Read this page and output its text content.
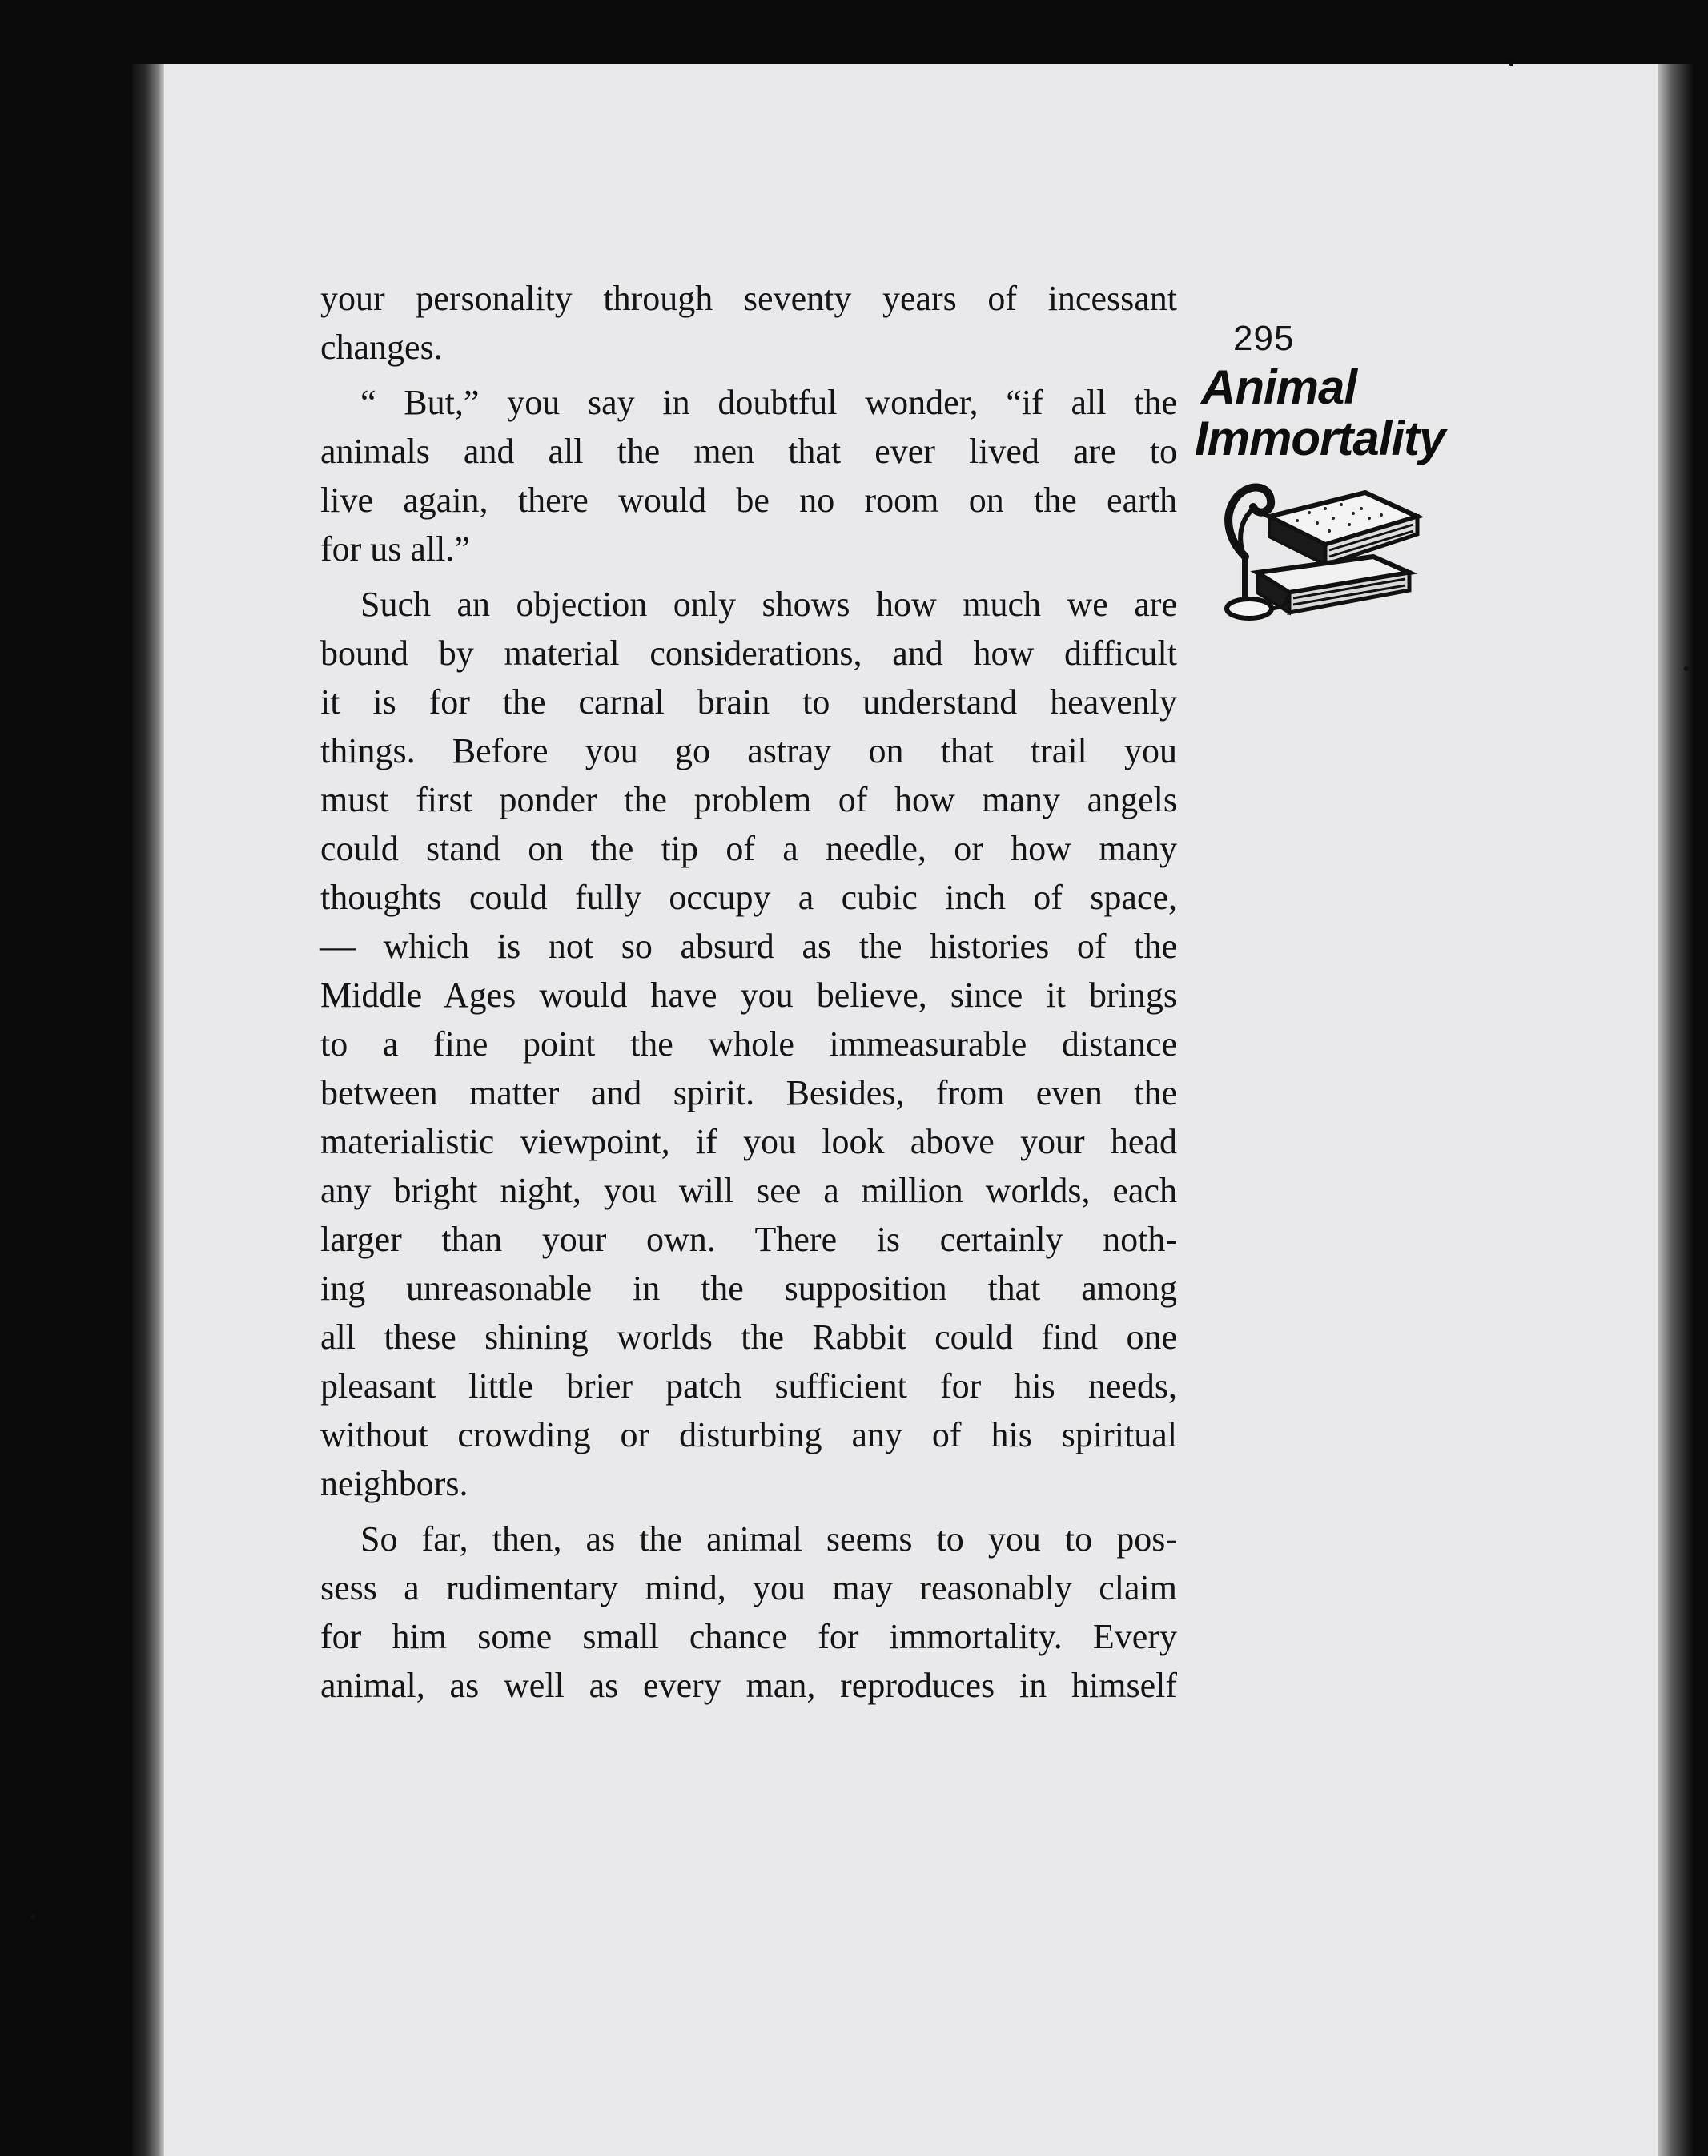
295
Animal
Immortality
your personality through seventy years of incessant
changes.
“ But,” you say in doubtful wonder, “if all the
animals and all the men that ever lived are to
live again, there would be no room on the earth
for us all.”
Such an objection only shows how much we are
bound by material considerations, and how difficult
it is for the carnal brain to understand heavenly
things. Before you go astray on that trail you
must first ponder the problem of how many angels
could stand on the tip of a needle, or how many
thoughts could fully occupy a cubic inch of space,
— which is not so absurd as the histories of the
Middle Ages would have you believe, since it brings
to a fine point the whole immeasurable distance
between matter and spirit. Besides, from even the
materialistic viewpoint, if you look above your head
any bright night, you will see a million worlds, each
larger than your own. There is certainly noth-
ing unreasonable in the supposition that among
all these shining worlds the Rabbit could find one
pleasant little brier patch sufficient for his needs,
without crowding or disturbing any of his spiritual
neighbors.
So far, then, as the animal seems to you to pos-
sess a rudimentary mind, you may reasonably claim
for him some small chance for immortality. Every
animal, as well as every man, reproduces in himself
